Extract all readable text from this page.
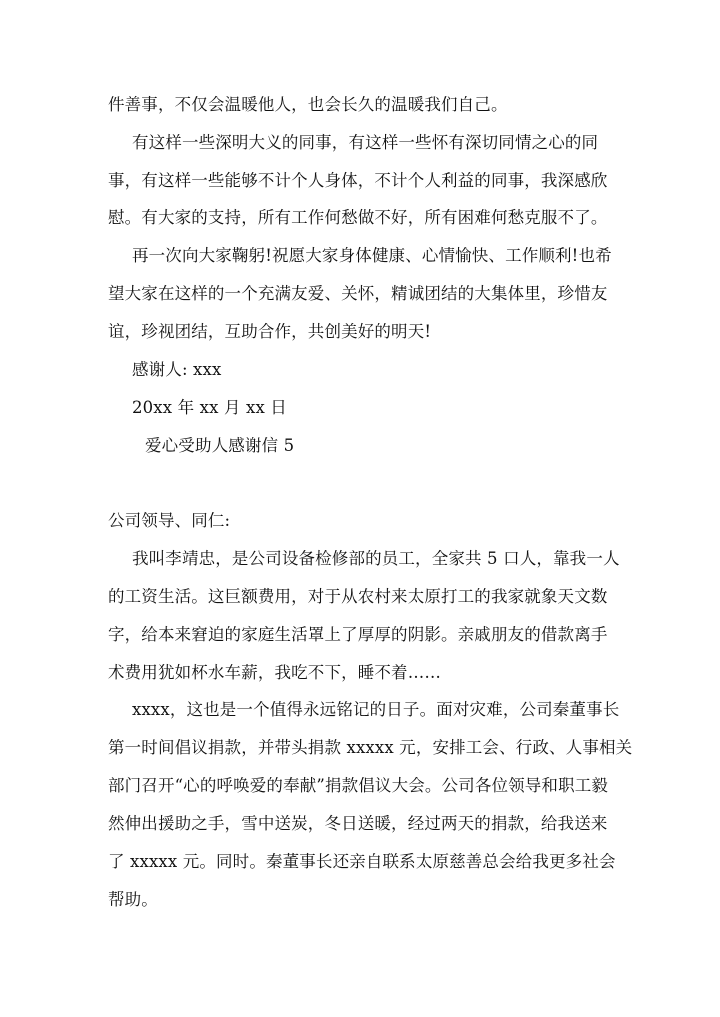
件善事，不仅会温暖他人，也会长久的温暖我们自己。
有这样一些深明大义的同事，有这样一些怀有深切同情之心的同
事，有这样一些能够不计个人身体，不计个人利益的同事，我深感欣
慰。有大家的支持，所有工作何愁做不好，所有困难何愁克服不了。
再一次向大家鞠躬!祝愿大家身体健康、心情愉快、工作顺利!也希
望大家在这样的一个充满友爱、关怀，精诚团结的大集体里，珍惜友
谊，珍视团结，互助合作，共创美好的明天!
感谢人: xxx
20xx 年 xx 月 xx 日
爱心受助人感谢信 5
公司领导、同仁:
我叫李靖忠，是公司设备检修部的员工，全家共 5 口人，靠我一人
的工资生活。这巨额费用，对于从农村来太原打工的我家就象天文数
字，给本来窘迫的家庭生活罩上了厚厚的阴影。亲戚朋友的借款离手
术费用犹如杯水车薪，我吃不下，睡不着……
xxxx，这也是一个值得永远铭记的日子。面对灾难，公司秦董事长
第一时间倡议捐款，并带头捐款 xxxxx 元，安排工会、行政、人事相关
部门召开“心的呼唤爱的奉献”捐款倡议大会。公司各位领导和职工毅
然伸出援助之手，雪中送炭，冬日送暖，经过两天的捐款，给我送来
了 xxxxx 元。同时。秦董事长还亲自联系太原慈善总会给我更多社会
帮助。
